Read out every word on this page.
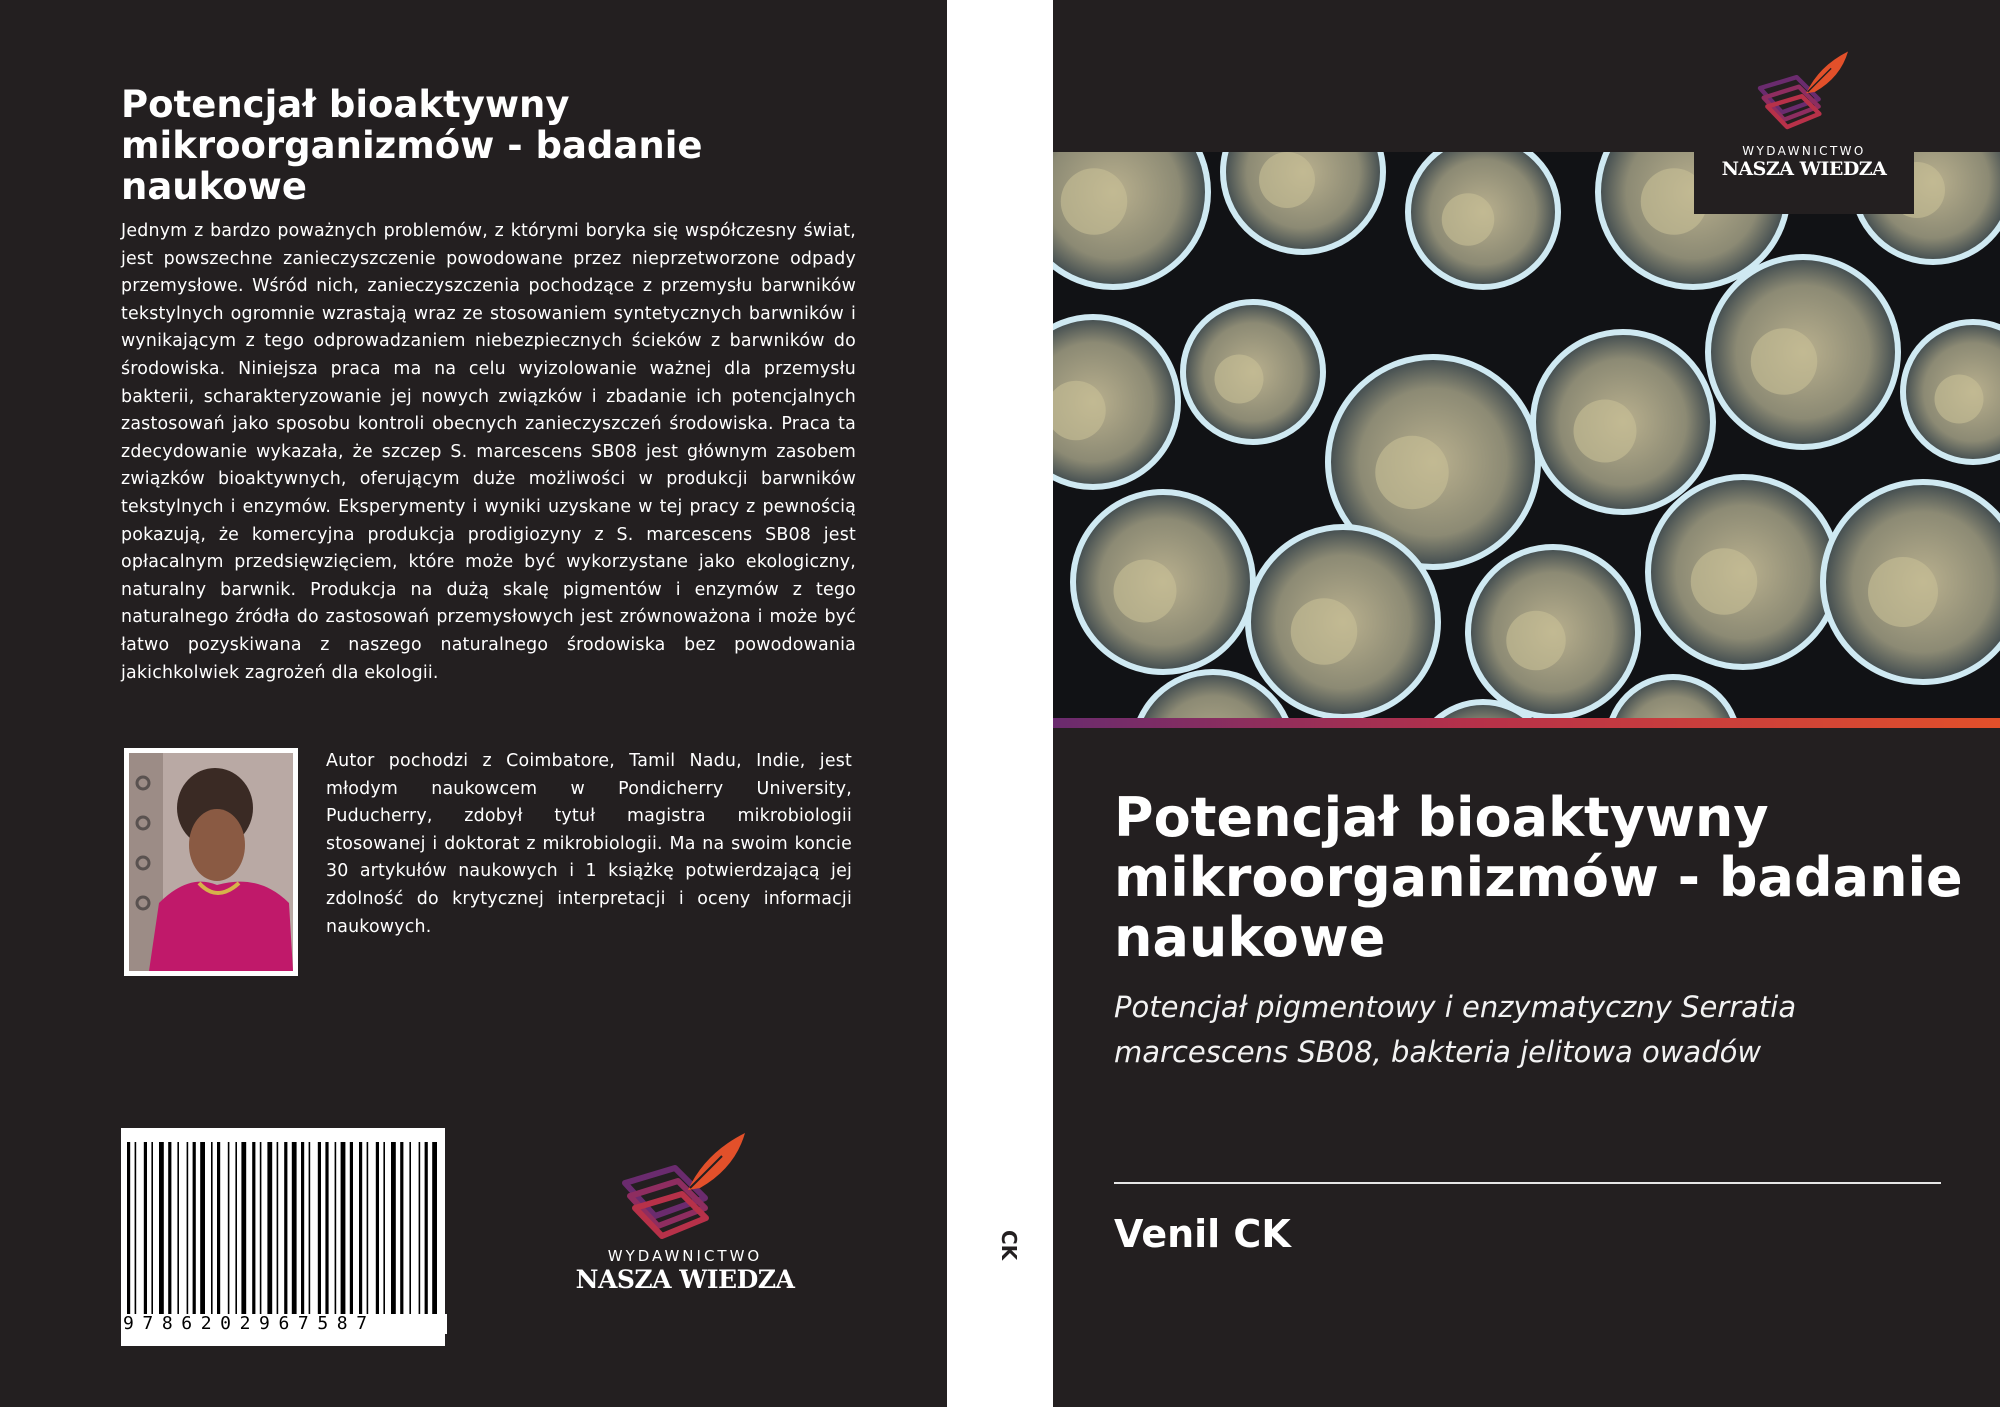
Potencjał bioaktywny mikroorganizmów - badanie naukowe

Jednym z bardzo poważnych problemów, z którymi boryka się współczesny świat, jest powszechne zanieczyszczenie powodowane przez nieprzetworzone odpady przemysłowe. Wśród nich, zanieczyszczenia pochodzące z przemysłu barwników tekstylnych ogromnie wzrastają wraz ze stosowaniem syntetycznych barwników i wynikającym z tego odprowadzaniem niebezpiecznych ścieków z barwników do środowiska. Niniejsza praca ma na celu wyizolowanie ważnej dla przemysłu bakterii, scharakteryzowanie jej nowych związków i zbadanie ich potencjalnych zastosowań jako sposobu kontroli obecnych zanieczyszczeń środowiska. Praca ta zdecydowanie wykazała, że szczep S. marcescens SB08 jest głównym zasobem związków bioaktywnych, oferującym duże możliwości w produkcji barwników tekstylnych i enzymów. Eksperymenty i wyniki uzyskane w tej pracy z pewnością pokazują, że komercyjna produkcja prodigiozyny z S. marcescens SB08 jest opłacalnym przedsięwzięciem, które może być wykorzystane jako ekologiczny, naturalny barwnik. Produkcja na dużą skalę pigmentów i enzymów z tego naturalnego źródła do zastosowań przemysłowych jest zrównoważona i może być łatwo pozyskiwana z naszego naturalnego środowiska bez powodowania jakichkolwiek zagrożeń dla ekologii.

Autor pochodzi z Coimbatore, Tamil Nadu, Indie, jest młodym naukowcem w Pondicherry University, Puducherry, zdobył tytuł magistra mikrobiologii stosowanej i doktorat z mikrobiologii. Ma na swoim koncie 30 artykułów naukowych i 1 książkę potwierdzającą jej zdolność do krytycznej interpretacji i oceny informacji naukowych.

9786202967587
WYDAWNICTWO
NASZA WIEDZA
CK
WYDAWNICTWO
NASZA WIEDZA
Potencjał bioaktywny mikroorganizmów - badanie naukowe

Potencjał pigmentowy i enzymatyczny Serratia marcescens SB08, bakteria jelitowa owadów

Venil CK
